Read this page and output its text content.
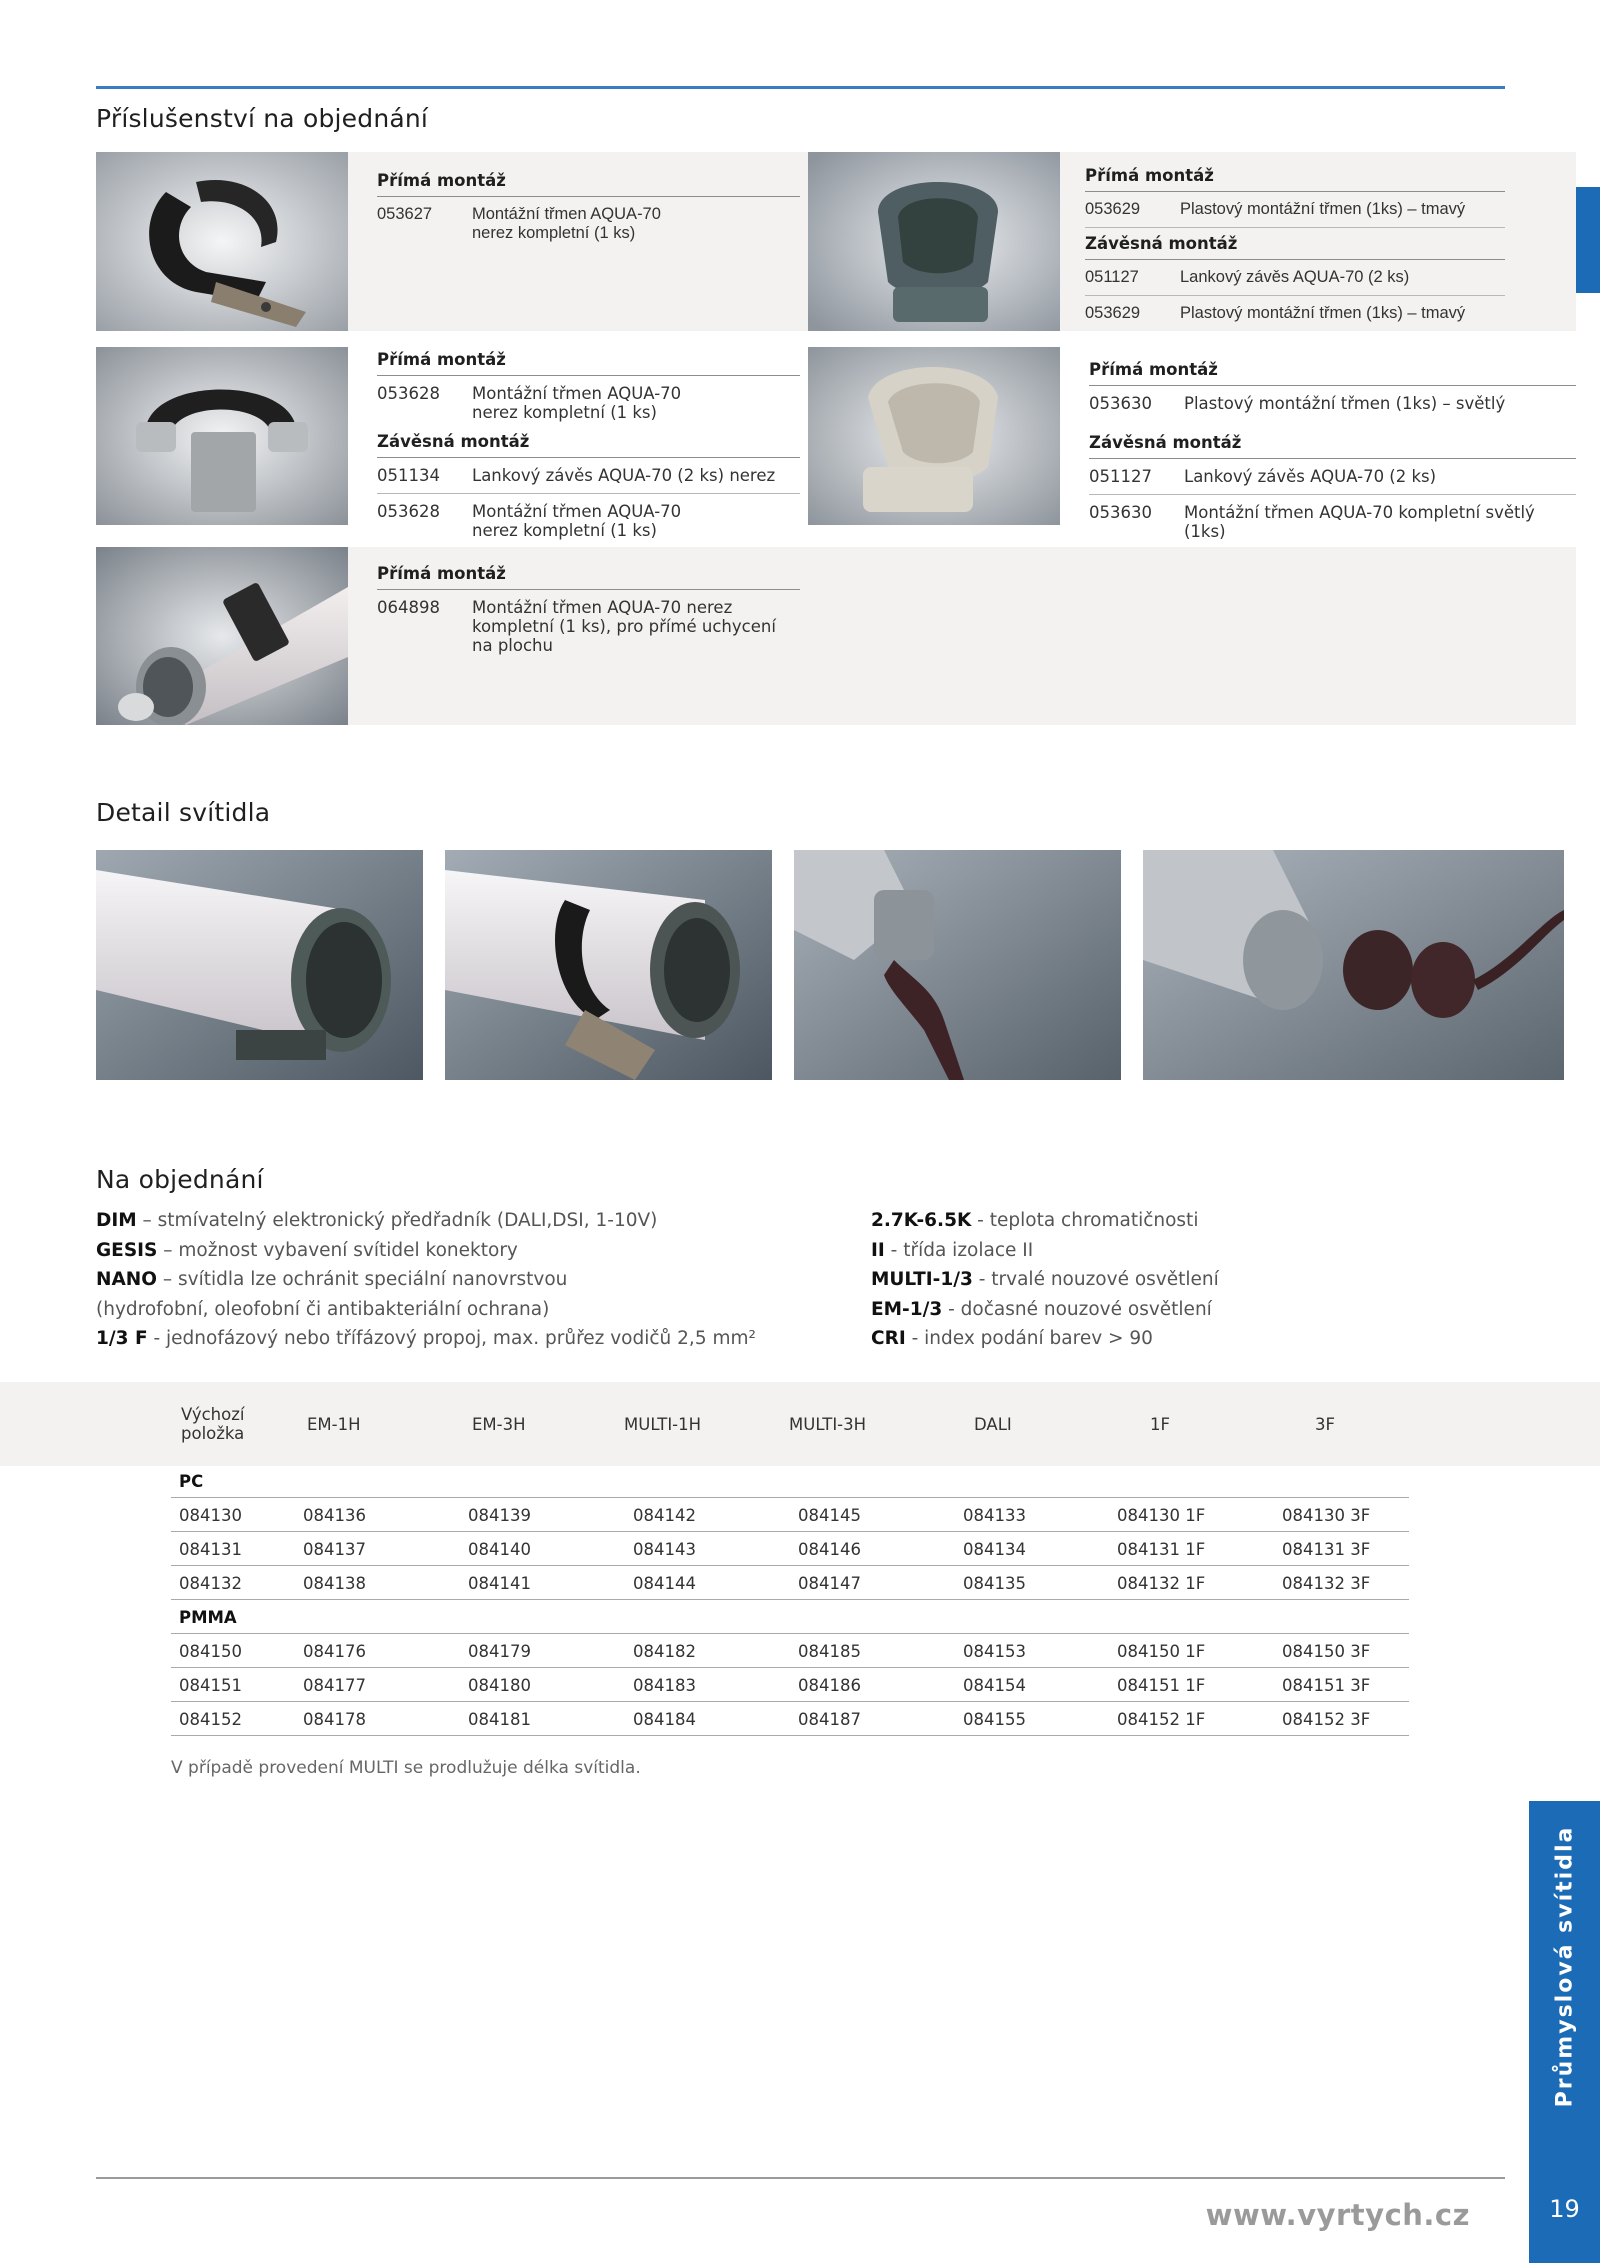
Příslušenství na objednání
Průmyslová svítidla
19
Přímá montáž
053627	Montážní třmen AQUA-70
nerez kompletní (1 ks)
Přímá montáž
053629	Plastový montážní třmen (1ks) – tmavý
Závěsná montáž
051127	Lankový závěs AQUA-70 (2 ks)
053629	Plastový montážní třmen (1ks) – tmavý
Přímá montáž
053628	Montážní třmen AQUA-70
nerez kompletní (1 ks)
Závěsná montáž
051134	Lankový závěs AQUA-70 (2 ks) nerez
053628	Montážní třmen AQUA-70
nerez kompletní (1 ks)
Přímá montáž
053630	Plastový montážní třmen (1ks) – světlý
Závěsná montáž
051127	Lankový závěs AQUA-70 (2 ks)
053630	Montážní třmen AQUA-70 kompletní světlý (1ks)
Přímá montáž
064898	Montážní třmen AQUA-70 nerez
kompletní (1 ks), pro přímé uchycení
na plochu
Detail svítidla
Na objednání
DIM – stmívatelný elektronický předřadník (DALI,DSI, 1-10V)
GESIS – možnost vybavení svítidel konektory
NANO – svítidla lze ochránit speciální nanovrstvou
(hydrofobní, oleofobní či antibakteriální ochrana)
1/3 F - jednofázový nebo třífázový propoj, max. průřez vodičů 2,5 mm²
2.7K-6.5K - teplota chromatičnosti
II - třída izolace II
MULTI-1/3 - trvalé nouzové osvětlení
EM-1/3 - dočasné nouzové osvětlení
CRI - index podání barev > 90
Výchozí
položka	EM-1H	EM-3H	MULTI-1H	MULTI-3H	DALI	1F	3F
PC
084130	084136	084139	084142	084145	084133	084130 1F	084130 3F
084131	084137	084140	084143	084146	084134	084131 1F	084131 3F
084132	084138	084141	084144	084147	084135	084132 1F	084132 3F
PMMA
084150	084176	084179	084182	084185	084153	084150 1F	084150 3F
084151	084177	084180	084183	084186	084154	084151 1F	084151 3F
084152	084178	084181	084184	084187	084155	084152 1F	084152 3F
V případě provedení MULTI se prodlužuje délka svítidla.
www.vyrtych.cz
